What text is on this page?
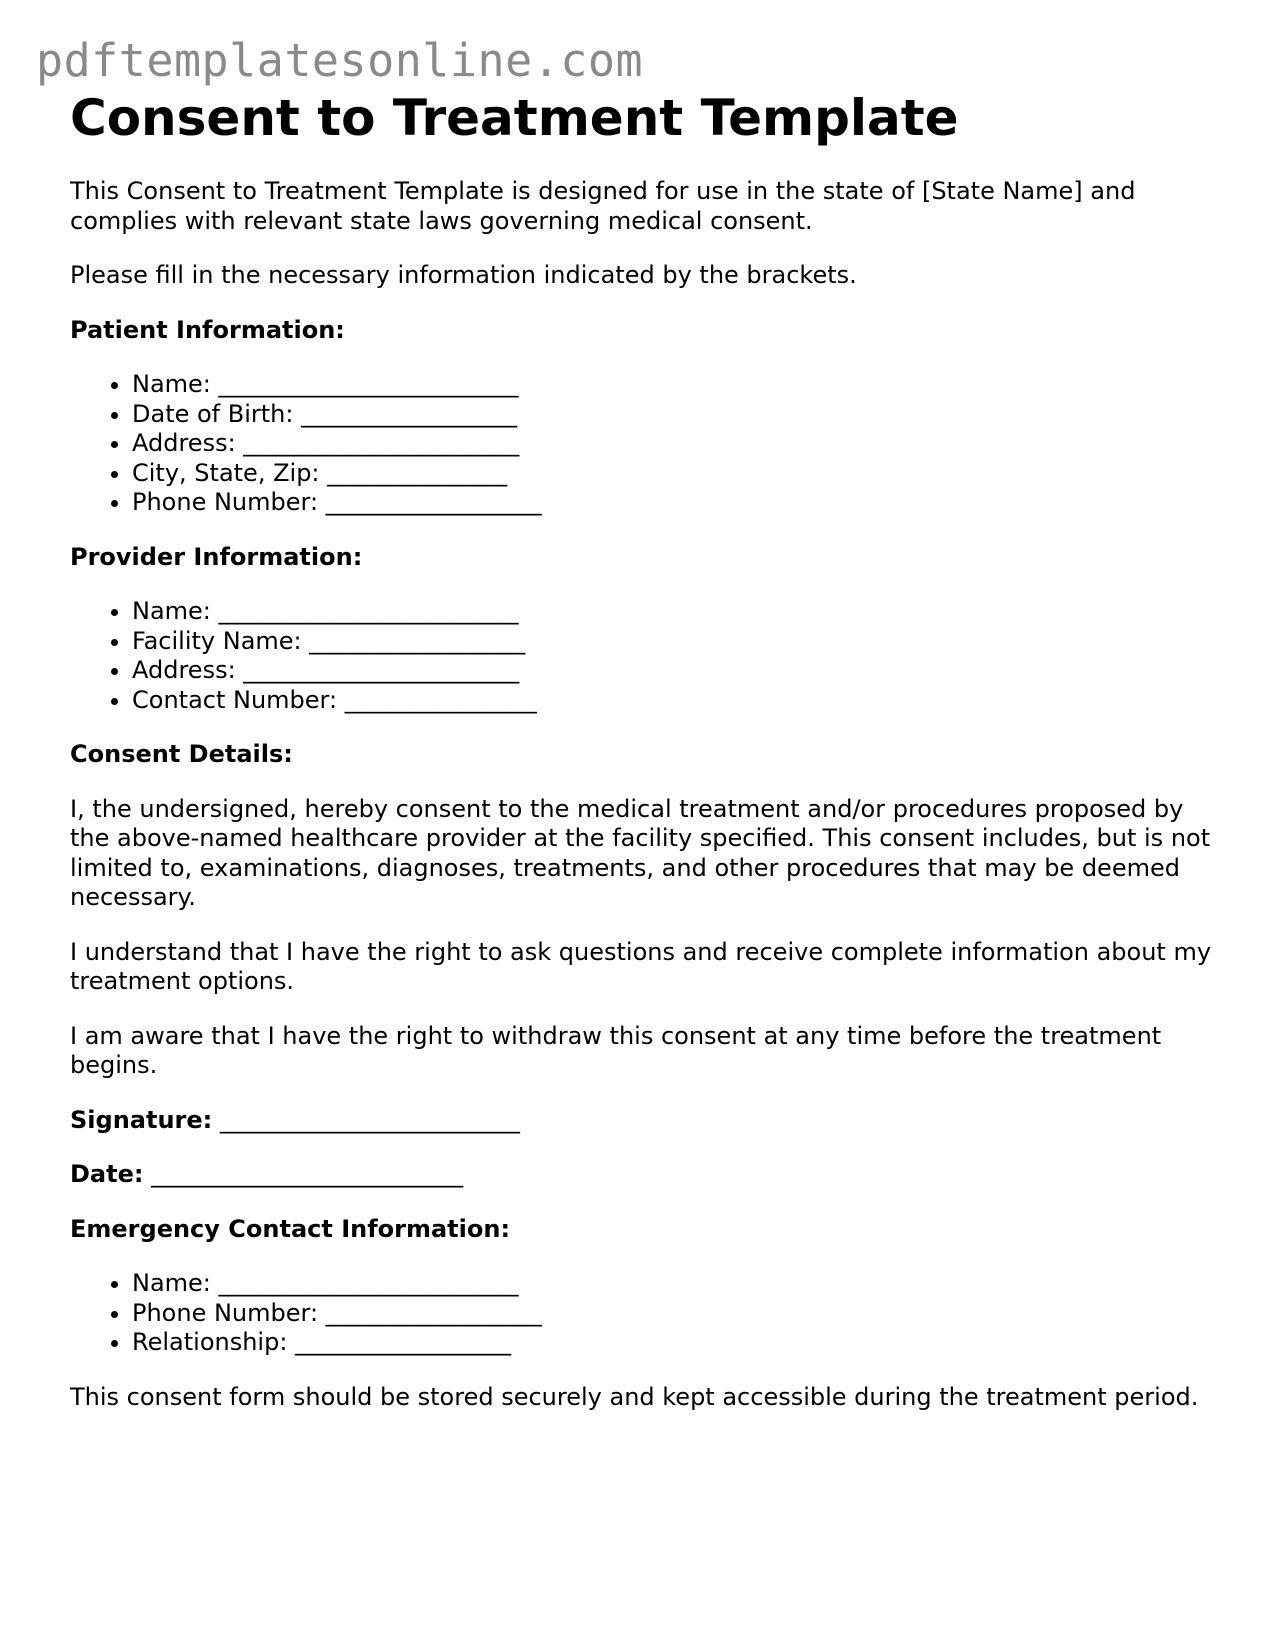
pdftemplatesonline.com
Consent to Treatment Template

This Consent to Treatment Template is designed for use in the state of [State Name] and complies with relevant state laws governing medical consent.

Please fill in the necessary information indicated by the brackets.

Patient Information:
• Name: _________________________
• Date of Birth: __________________
• Address: _______________________
• City, State, Zip: _______________
• Phone Number: __________________
Provider Information:
• Name: _________________________
• Facility Name: __________________
• Address: _______________________
• Contact Number: ________________
Consent Details:

I, the undersigned, hereby consent to the medical treatment and/or procedures proposed by the above-named healthcare provider at the facility specified. This consent includes, but is not limited to, examinations, diagnoses, treatments, and other procedures that may be deemed necessary.

I understand that I have the right to ask questions and receive complete information about my treatment options.

I am aware that I have the right to withdraw this consent at any time before the treatment begins.

Signature: _________________________
Date: __________________________
Emergency Contact Information:
• Name: _________________________
• Phone Number: __________________
• Relationship: __________________

This consent form should be stored securely and kept accessible during the treatment period.
